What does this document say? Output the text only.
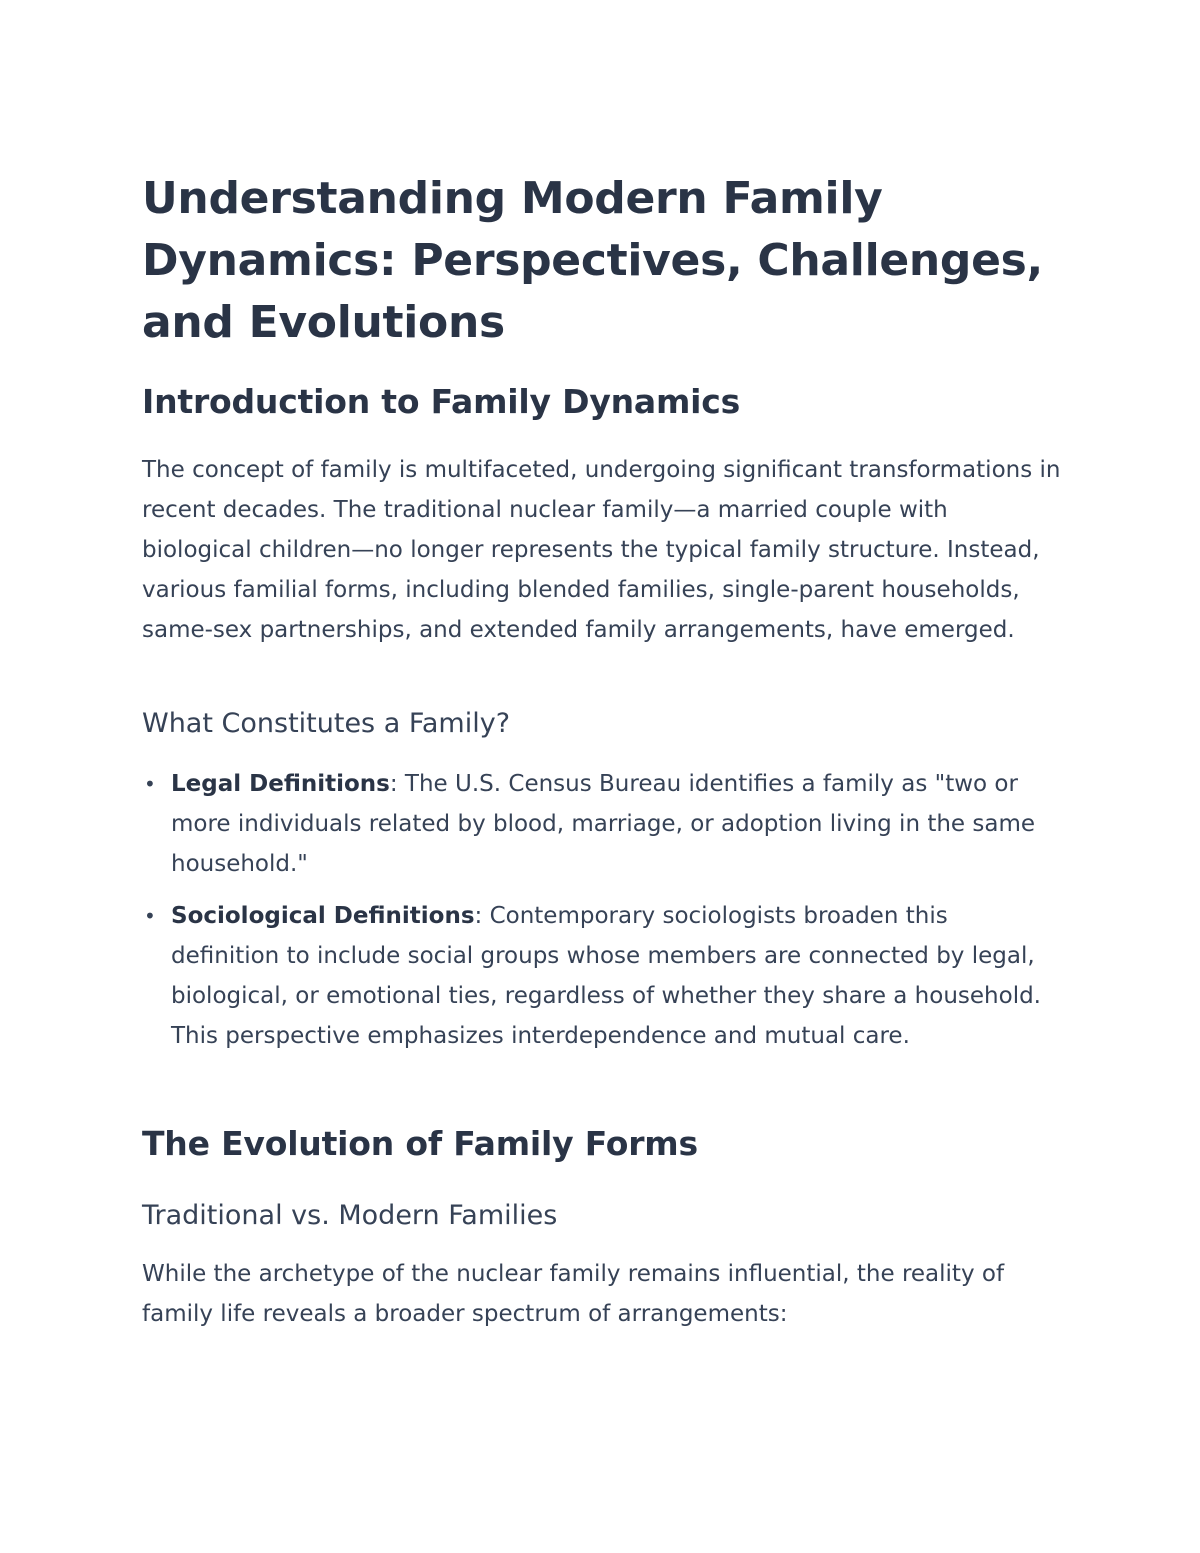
Understanding Modern Family Dynamics: Perspectives, Challenges, and Evolutions
Introduction to Family Dynamics

The concept of family is multifaceted, undergoing significant transformations in recent decades. The traditional nuclear family—a married couple with biological children—no longer represents the typical family structure. Instead, various familial forms, including blended families, single-parent households, same-sex partnerships, and extended family arrangements, have emerged.

What Constitutes a Family?
• Legal Definitions: The U.S. Census Bureau identifies a family as "two or more individuals related by blood, marriage, or adoption living in the same household."
• Sociological Definitions: Contemporary sociologists broaden this definition to include social groups whose members are connected by legal, biological, or emotional ties, regardless of whether they share a household. This perspective emphasizes interdependence and mutual care.
The Evolution of Family Forms
Traditional vs. Modern Families

While the archetype of the nuclear family remains influential, the reality of family life reveals a broader spectrum of arrangements:
